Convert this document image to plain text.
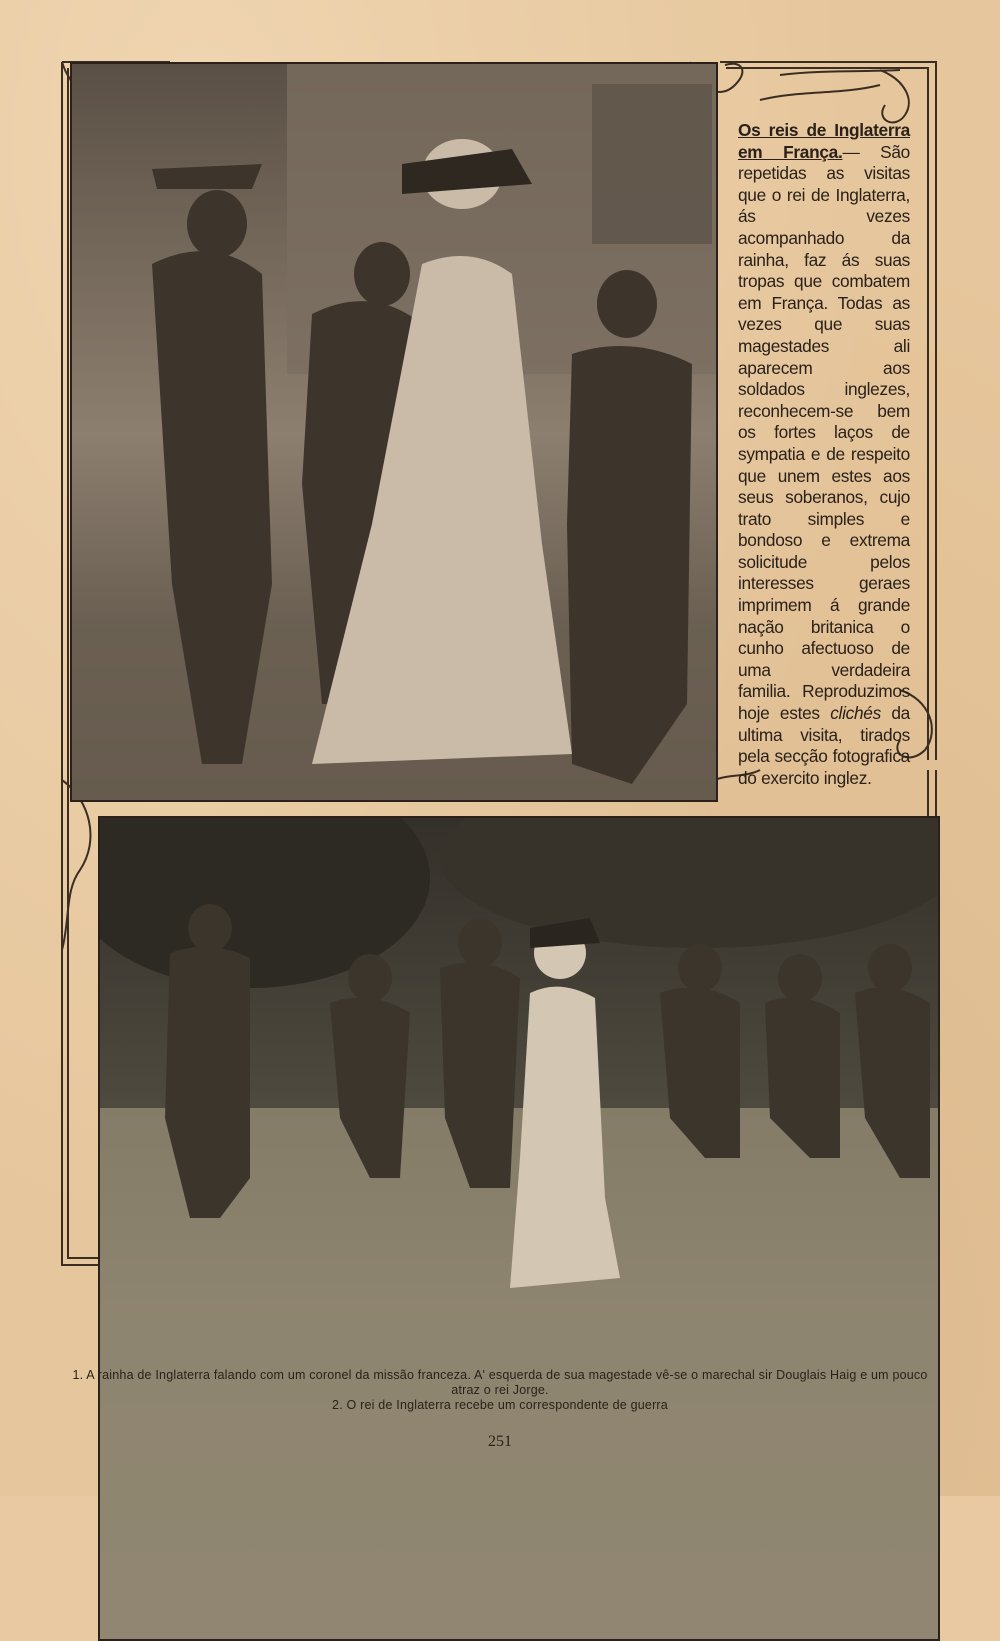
Os reis de Inglaterra em França.— São repetidas as visitas que o rei de Inglaterra, ás vezes acompanhado da rainha, faz ás suas tropas que combatem em França. Todas as vezes que suas magestades ali aparecem aos soldados inglezes, reconhecem-se bem os fortes laços de sympatia e de respeito que unem estes aos seus soberanos, cujo trato simples e bondoso e extrema solicitude pelos interesses geraes imprimem á grande nação britanica o cunho afectuoso de uma verdadeira familia. Reproduzimos hoje estes clichés da ultima visita, tirados pela secção fotografica do exercito inglez.
1. A rainha de Inglaterra falando com um coronel da missão franceza. A' esquerda de sua magestade vê-se o marechal sir Douglais Haig e um pouco atraz o rei Jorge.
2. O rei de Inglaterra recebe um correspondente de guerra
251
